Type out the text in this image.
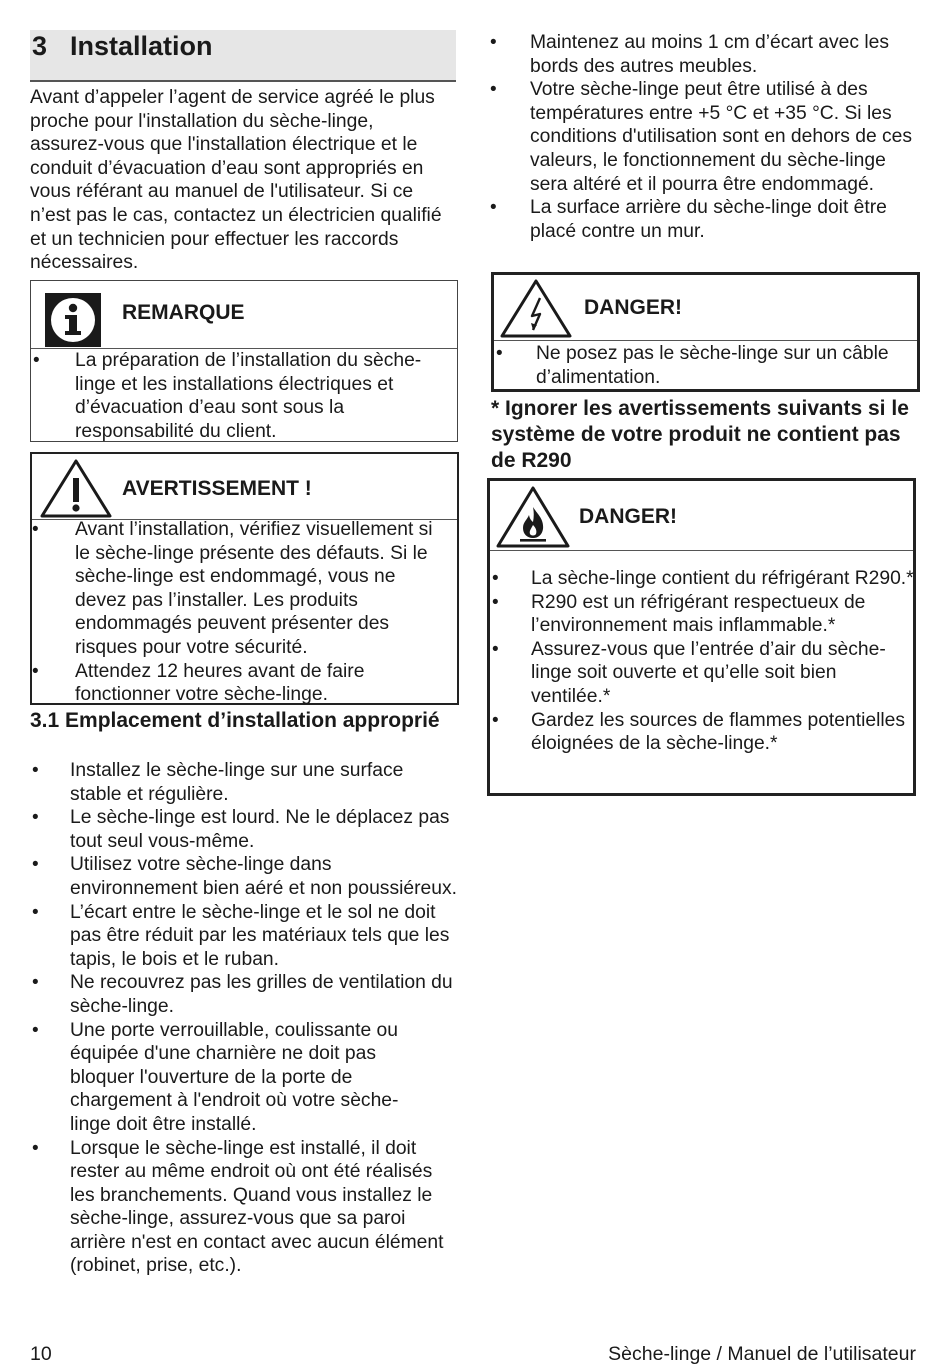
3 Installation
Avant d’appeler l’agent de service agréé le plus proche pour l'installation du sèche-linge, assurez-vous que l'installation électrique et le conduit d’évacuation d’eau sont appropriés en vous référant au manuel de l'utilisateur. Si ce n’est pas le cas, contactez un électricien qualifié et un technicien pour effectuer les raccords nécessaires.
REMARQUE
• La préparation de l’installation du sèche-linge et les installations électriques et d’évacuation d’eau sont sous la responsabilité du client.
AVERTISSEMENT !
• Avant l’installation, vérifiez visuellement si le sèche-linge présente des défauts. Si le sèche-linge est endommagé, vous ne devez pas l’installer. Les produits endommagés peuvent présenter des risques pour votre sécurité.
• Attendez 12 heures avant de faire fonctionner votre sèche-linge.
3.1 Emplacement d’installation approprié
• Installez le sèche-linge sur une surface stable et régulière.
• Le sèche-linge est lourd. Ne le déplacez pas tout seul vous-même.
• Utilisez votre sèche-linge dans environnement bien aéré et non poussiéreux.
• L’écart entre le sèche-linge et le sol ne doit pas être réduit par les matériaux tels que les tapis, le bois et le ruban.
• Ne recouvrez pas les grilles de ventilation du sèche-linge.
• Une porte verrouillable, coulissante ou équipée d'une charnière ne doit pas bloquer l'ouverture de la porte de chargement à l'endroit où votre sèche-linge doit être installé.
• Lorsque le sèche-linge est installé, il doit rester au même endroit où ont été réalisés les branchements. Quand vous installez le sèche-linge, assurez-vous que sa paroi arrière n'est en contact avec aucun élément (robinet, prise, etc.).
• Maintenez au moins 1 cm d’écart avec les bords des autres meubles.
• Votre sèche-linge peut être utilisé à des températures entre +5 °C et +35 °C. Si les conditions d'utilisation sont en dehors de ces valeurs, le fonctionnement du sèche-linge sera altéré et il pourra être endommagé.
• La surface arrière du sèche-linge doit être placé contre un mur.
DANGER!
• Ne posez pas le sèche-linge sur un câble d’alimentation.
* Ignorer les avertissements suivants si le système de votre produit ne contient pas de R290
DANGER!
• La sèche-linge contient du réfrigérant R290.*
• R290 est un réfrigérant respectueux de l’environnement mais inflammable.*
• Assurez-vous que l’entrée d’air du sèche-linge soit ouverte et qu’elle soit bien ventilée.*
• Gardez les sources de flammes potentielles éloignées de la sèche-linge.*
10	Sèche-linge / Manuel de l’utilisateur
